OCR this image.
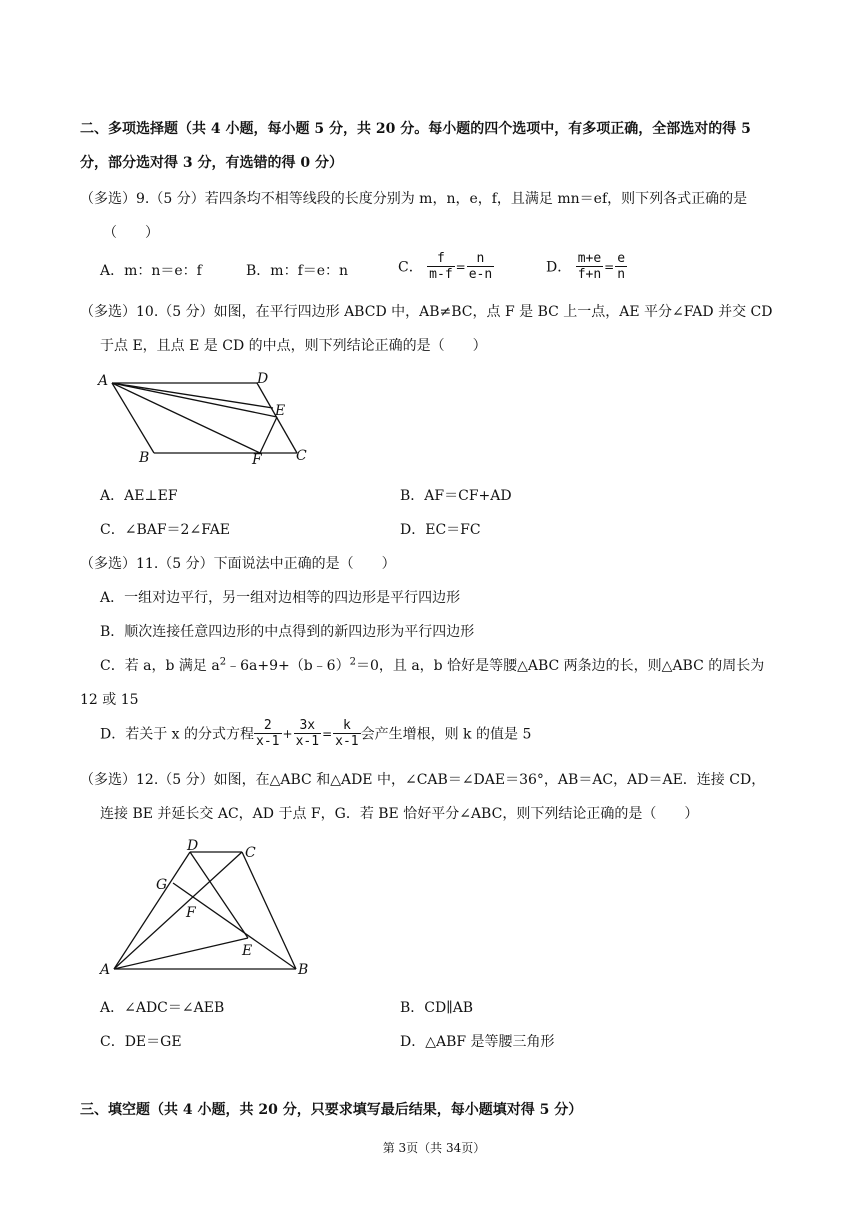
二、多项选择题（共 4 小题，每小题 5 分，共 20 分。每小题的四个选项中，有多项正确，全部选对的得 5
分，部分选对得 3 分，有选错的得 0 分）
（多选）9.（5 分）若四条均不相等线段的长度分别为 m，n，e，f，且满足 mn＝ef，则下列各式正确的是
（　　）
A．m：n＝e：f	B．m：f＝e：n	C． $\frac{f}{m-f} = \frac{n}{e-n}$	D． $\frac{m+e}{f+n} = \frac{e}{n}$
（多选）10.（5 分）如图，在平行四边形 ABCD 中，AB≠BC，点 F 是 BC 上一点，AE 平分∠FAD 并交 CD
于点 E，且点 E 是 CD 的中点，则下列结论正确的是（　　）
A	D
E
B	F C
A．AE⊥EF	B．AF＝CF+AD
C．∠BAF＝2∠FAE	D．EC＝FC
（多选）11.（5 分）下面说法中正确的是（　　）
A．一组对边平行，另一组对边相等的四边形是平行四边形
B．顺次连接任意四边形的中点得到的新四边形为平行四边形
C．若 a，b 满足 $a^2﹣6a+9+(b﹣6)^2=0$，且 a，b 恰好是等腰△ABC 两条边的长，则△ABC 的周长为
12 或 15
D．若关于 x 的分式方程 $\frac{2}{x-1} + \frac{3x}{x-1} = \frac{k}{x-1}$ 会产生增根，则 k 的值是 5
（多选）12.（5 分）如图，在△ABC 和△ADE 中，∠CAB＝∠DAE＝36°，AB＝AC，AD＝AE．连接 CD，
连接 BE 并延长交 AC，AD 于点 F，G．若 BE 恰好平分∠ABC，则下列结论正确的是（　　）
A	B
D	C
G
F
E
A．∠ADC＝∠AEB	B．CD∥AB
C．DE＝GE	D．△ABF 是等腰三角形
三、填空题（共 4 小题，共 20 分，只要求填写最后结果，每小题填对得 5 分）
第 3页（共 34页）
